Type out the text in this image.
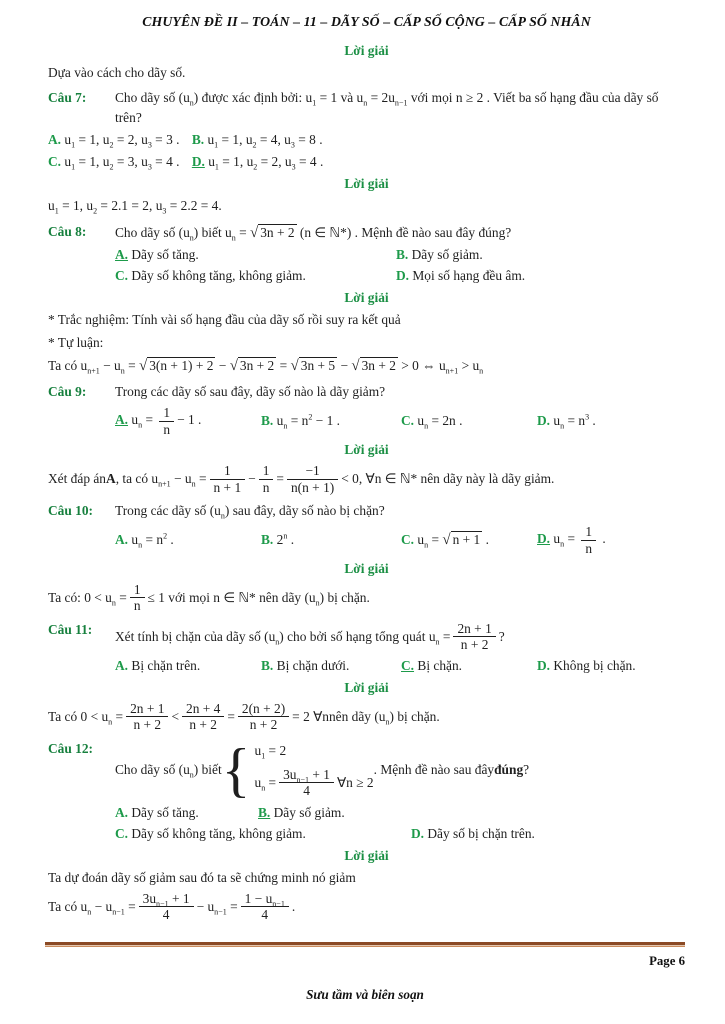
CHUYÊN ĐỀ II – TOÁN – 11 – DÃY SỐ – CẤP SỐ CỘNG – CẤP SỐ NHÂN
Lời giải
Dựa vào cách cho dãy số.
Câu 7:	Cho dãy số $(u_n)$ được xác định bởi: $u_1 = 1$ và $u_n = 2u_{n-1}$ với mọi n ≥ 2 . Viết ba số hạng đầu của dãy số trên?
A. $u_1 = 1$, $u_2 = 2$, $u_3 = 3$ . B. $u_1 = 1$, $u_2 = 4$, $u_3 = 8$ .
C. $u_1 = 1$, $u_2 = 3$, $u_3 = 4$ . D. $u_1 = 1$, $u_2 = 2$, $u_3 = 4$ .
Lời giải
$u_1 = 1$, $u_2 = 2.1 = 2$, $u_3 = 2.2 = 4$.
Câu 8:	Cho dãy số $(u_n)$ biết $u_n$ = √ 3n + 2 (n ∈ ℕ*) . Mệnh đề nào sau đây đúng?
A. Dãy số tăng.	B. Dãy số giảm.
C. Dãy số không tăng, không giảm.	D. Mọi số hạng đều âm.
Lời giải
* Trắc nghiệm: Tính vài số hạng đầu của dãy số rồi suy ra kết quả
* Tự luận:
Ta có $u_{n+1} - u_n$ = √ 3(n + 1) + 2 − √ 3n + 2 = √ 3n + 5 − √ 3n + 2 > 0 ⇔ $u_{n+1} > u_n$
Câu 9:	Trong các dãy số sau đây, dãy số nào là dãy giảm?
A. $u_n = \frac{1}{n} - 1$ .	B. $u_n = n^2 - 1$ .	C. $u_n = 2n$ .	D. $u_n = n^3$ .
Lời giải
Xét đáp án A , ta có $u_{n+1} - u_n = \frac{1}{n + 1} - \frac{1}{n} = \frac{-1}{n(n + 1)} < 0$, ∀n ∈ ℕ* nên dãy này là dãy giảm.
Câu 10:	Trong các dãy số $(u_n)$ sau đây, dãy số nào bị chặn?
A. $u_n = n^2$ .	B. 2$^n$ .	C. $u_n$ = √ n + 1 .	D. $u_n = \frac{1}{n}$ .
Lời giải
Ta có: $0 < u_n = \frac{1}{n} \le 1$ với mọi n ∈ ℕ* nên dãy $(u_n)$ bị chặn.
Câu 11:	Xét tính bị chặn của dãy số $(u_n)$ cho bởi số hạng tổng quát $u_n = \frac{2n + 1}{n + 2}$ ?
A. Bị chặn trên.	B. Bị chặn dưới.	C. Bị chặn.	D. Không bị chặn.
Lời giải
Ta có $0 < u_n = \frac{2n + 1}{n + 2} < \frac{2n + 4}{n + 2} = \frac{2(n + 2)}{n + 2} = 2$ ∀n nên dãy $(u_n)$ bị chặn.
Câu 12:
Cho dãy số $(u_n)$ biết { $u_1 = 2$
$u_n = \frac{3u_{n-1} + 1}{4}$ ∀n ≥ 2
. Mệnh đề nào sau đây đúng ?
A. Dãy số tăng.	B. Dãy số giảm.
C. Dãy số không tăng, không giảm.	D. Dãy số bị chặn trên.
Lời giải
Ta dự đoán dãy số giảm sau đó ta sẽ chứng minh nó giảm
Ta có $u_n - u_{n-1} = \frac{3u_{n-1} + 1}{4} - u_{n-1} = \frac{1 - u_{n-1}}{4}$ .
Page 6
Sưu tầm và biên soạn
